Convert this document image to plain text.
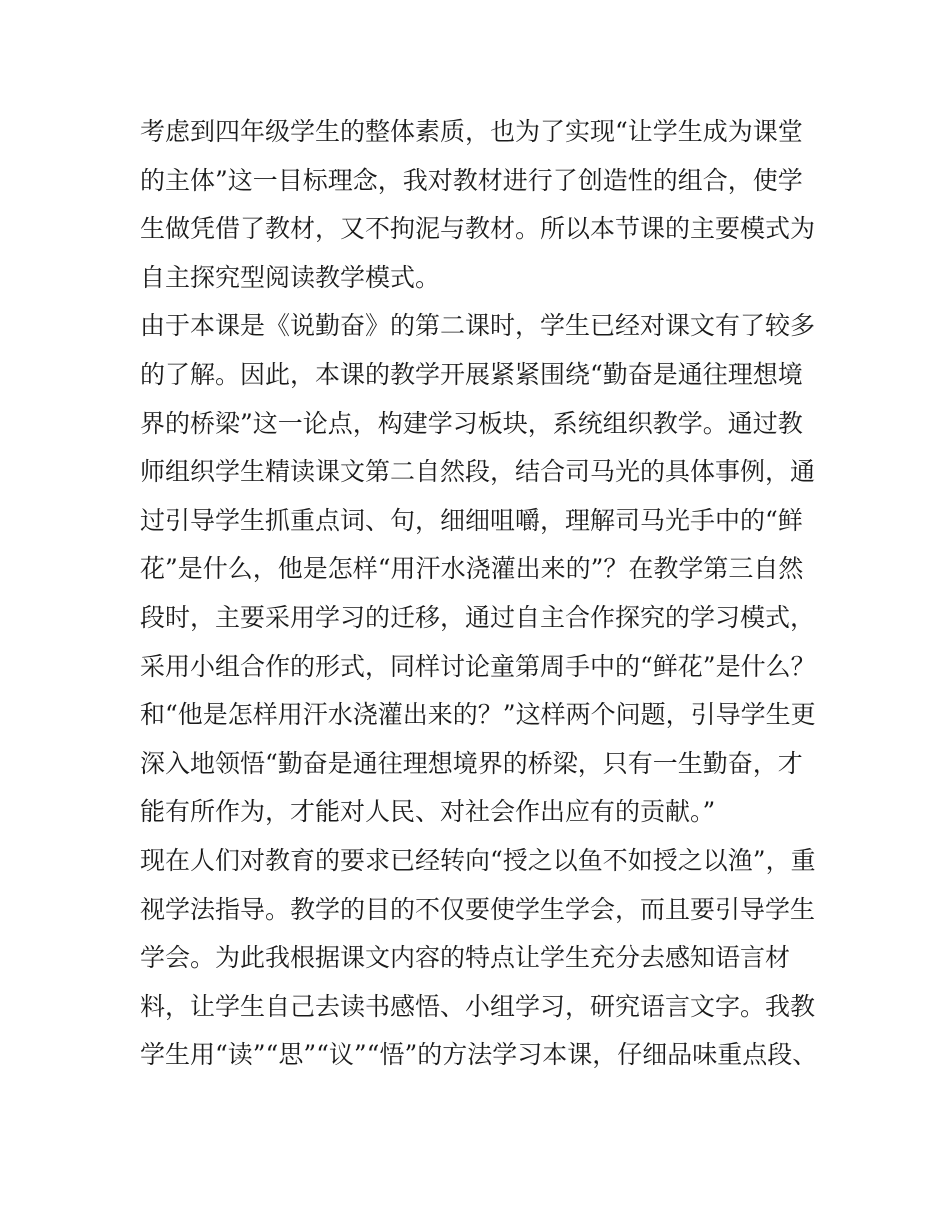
考虑到四年级学生的整体素质，也为了实现“让学生成为课堂
的主体”这一目标理念，我对教材进行了创造性的组合，使学
生做凭借了教材，又不拘泥与教材。所以本节课的主要模式为
自主探究型阅读教学模式。
由于本课是《说勤奋》的第二课时，学生已经对课文有了较多
的了解。因此，本课的教学开展紧紧围绕“勤奋是通往理想境
界的桥梁”这一论点，构建学习板块，系统组织教学。通过教
师组织学生精读课文第二自然段，结合司马光的具体事例，通
过引导学生抓重点词、句，细细咀嚼，理解司马光手中的“鲜
花”是什么，他是怎样“用汗水浇灌出来的”？在教学第三自然
段时，主要采用学习的迁移，通过自主合作探究的学习模式，
采用小组合作的形式，同样讨论童第周手中的“鲜花”是什么？
和“他是怎样用汗水浇灌出来的？”这样两个问题，引导学生更
深入地领悟“勤奋是通往理想境界的桥梁，只有一生勤奋，才
能有所作为，才能对人民、对社会作出应有的贡献。”
现在人们对教育的要求已经转向“授之以鱼不如授之以渔”，重
视学法指导。教学的目的不仅要使学生学会，而且要引导学生
学会。为此我根据课文内容的特点让学生充分去感知语言材
料，让学生自己去读书感悟、小组学习，研究语言文字。我教
学生用“读”“思”“议”“悟”的方法学习本课，仔细品味重点段、
